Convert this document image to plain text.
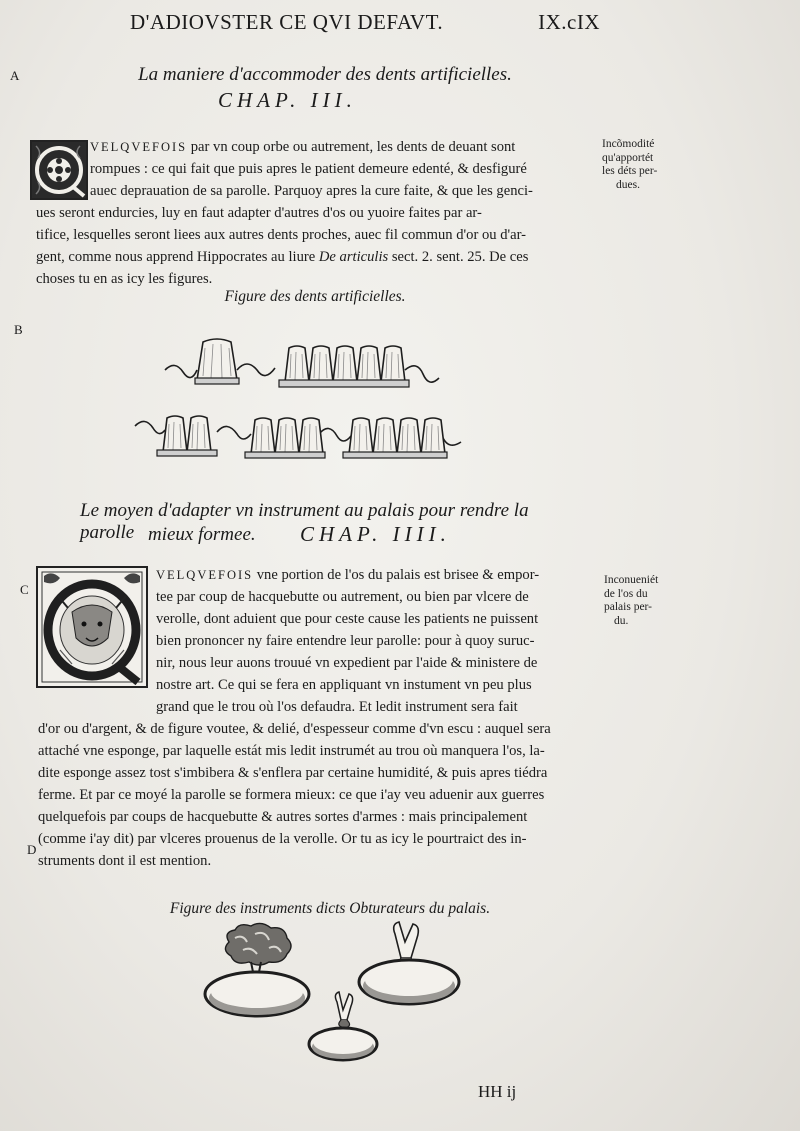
D'ADIOVSTER CE QVI DEFAVT.	IX.cIX
A
B
C
D
La maniere d'accommoder des dents artificielles.
CHAP. III.
VELQVEFOIS par vn coup orbe ou autrement, les dents de deuant sont
rompues : ce qui fait que puis apres le patient demeure edenté, & desfiguré
auec deprauation de sa parolle. Parquoy apres la cure faite, & que les genci-
ues seront endurcies, luy en faut adapter d'autres d'os ou yuoire faites par ar-
tifice, lesquelles seront liees aux autres dents proches, auec fil commun d'or ou d'ar-
gent, comme nous apprend Hippocrates au liure De articulis sect. 2. sent. 25. De ces
choses tu en as icy les figures.
Incõmodité
qu'apportét
les déts per-
dues.
Figure des dents artificielles.
Le moyen d'adapter vn instrument au palais pour rendre la parolle mieux formee. CHAP. IIII.
VELQVEFOIS vne portion de l'os du palais est brisee & empor-
tee par coup de hacquebutte ou autrement, ou bien par vlcere de
verolle, dont aduient que pour ceste cause les patients ne puissent
bien prononcer ny faire entendre leur parolle: pour à quoy suruc-
nir, nous leur auons trouué vn expedient par l'aide & ministere de
nostre art. Ce qui se fera en appliquant vn instument vn peu plus
grand que le trou où l'os defaudra. Et ledit instrument sera fait
d'or ou d'argent, & de figure voutee, & delié, d'espesseur comme d'vn escu : auquel sera
attaché vne esponge, par laquelle estát mis ledit instrumét au trou où manquera l'os, la-
dite esponge assez tost s'imbibera & s'enflera par certaine humidité, & puis apres tiédra
ferme. Et par ce moyé la parolle se formera mieux: ce que i'ay veu aduenir aux guerres
quelquefois par coups de hacquebutte & autres sortes d'armes : mais principalement
(comme i'ay dit) par vlceres prouenus de la verolle. Or tu as icy le pourtraict des in-
struments dont il est mention.
Inconueniét
de l'os du
palais per-
du.
Figure des instruments dicts Obturateurs du palais.
HH ij
